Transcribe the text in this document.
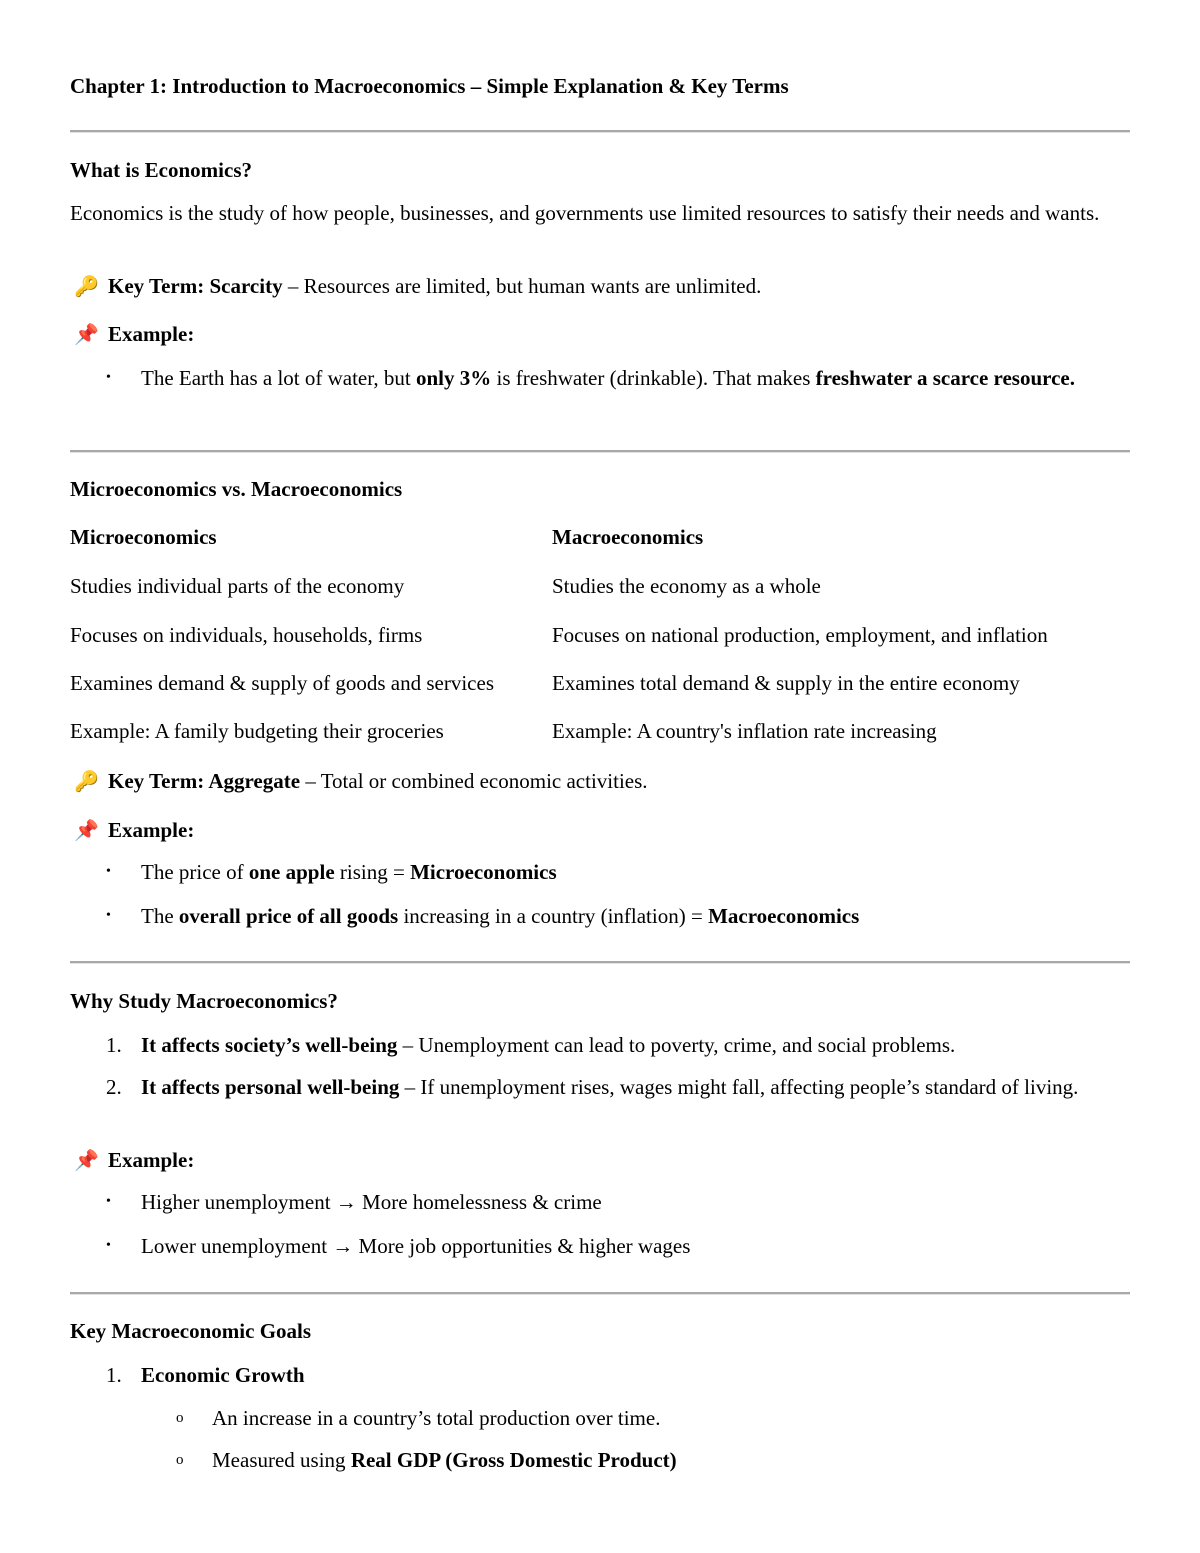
Chapter 1: Introduction to Macroeconomics – Simple Explanation & Key Terms
What is Economics?
Economics is the study of how people, businesses, and governments use limited resources to satisfy their needs and wants.
🔑 Key Term: Scarcity – Resources are limited, but human wants are unlimited.
📌 Example:
• The Earth has a lot of water, but only 3% is freshwater (drinkable). That makes freshwater a scarce resource.
Microeconomics vs. Macroeconomics
Microeconomics	Macroeconomics
Studies individual parts of the economy	Studies the economy as a whole
Focuses on individuals, households, firms	Focuses on national production, employment, and inflation
Examines demand & supply of goods and services	Examines total demand & supply in the entire economy
Example: A family budgeting their groceries	Example: A country's inflation rate increasing
🔑 Key Term: Aggregate – Total or combined economic activities.
📌 Example:
• The price of one apple rising = Microeconomics
• The overall price of all goods increasing in a country (inflation) = Macroeconomics
Why Study Macroeconomics?
1. It affects society’s well-being – Unemployment can lead to poverty, crime, and social problems.
2. It affects personal well-being – If unemployment rises, wages might fall, affecting people’s standard of living.
📌 Example:
• Higher unemployment → More homelessness & crime
• Lower unemployment → More job opportunities & higher wages
Key Macroeconomic Goals
1. Economic Growth
o An increase in a country’s total production over time.
o Measured using Real GDP (Gross Domestic Product)
